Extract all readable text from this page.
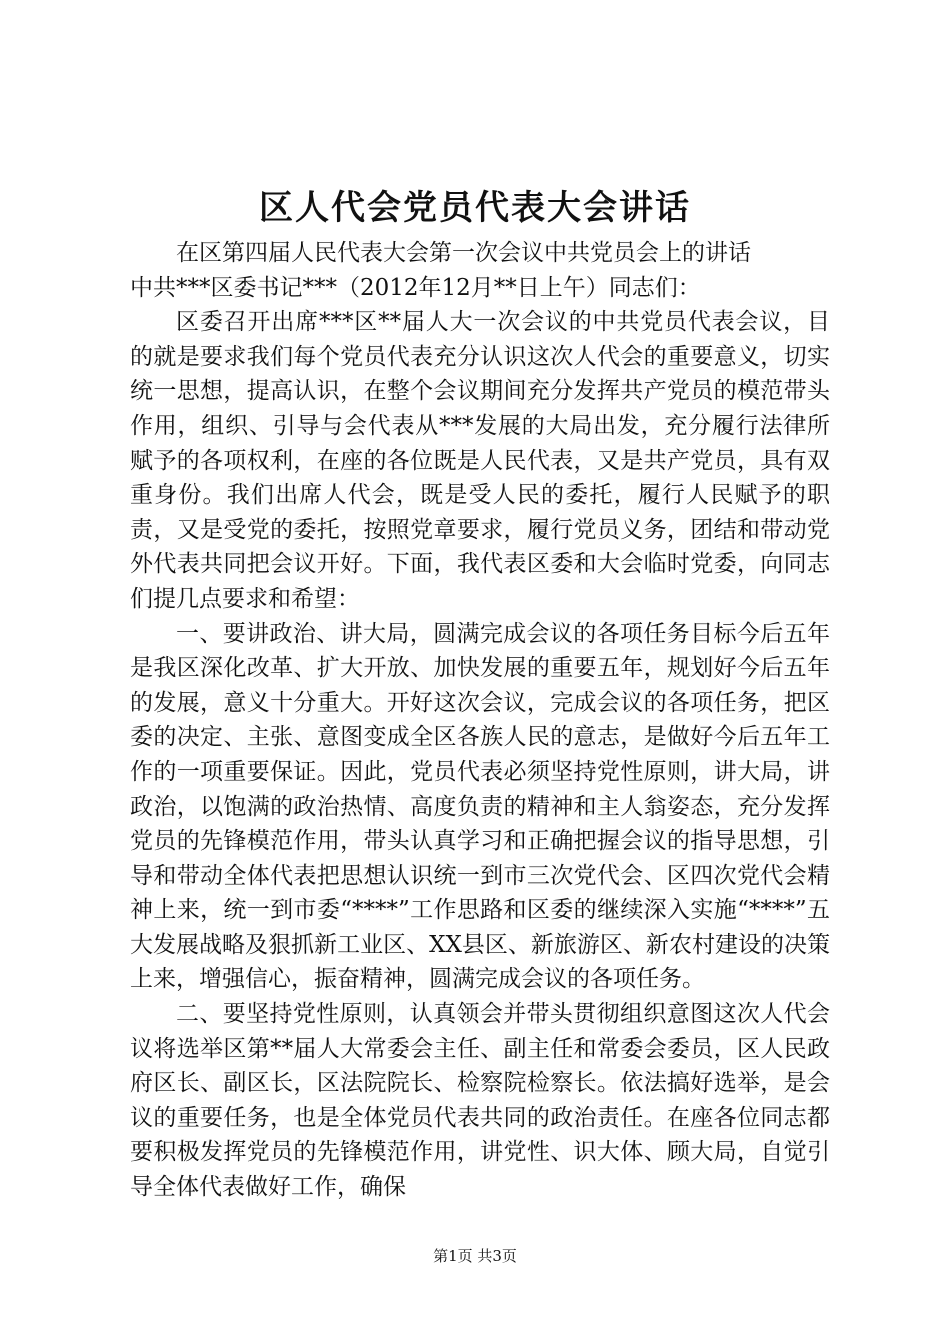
区人代会党员代表大会讲话

在区第四届人民代表大会第一次会议中共党员会上的讲话

中共***区委书记***（2012年12月**日上午）同志们：

区委召开出席***区**届人大一次会议的中共党员代表会议，目的就是要求我们每个党员代表充分认识这次人代会的重要意义，切实统一思想，提高认识，在整个会议期间充分发挥共产党员的模范带头作用，组织、引导与会代表从***发展的大局出发，充分履行法律所赋予的各项权利，在座的各位既是人民代表，又是共产党员，具有双重身份。我们出席人代会，既是受人民的委托，履行人民赋予的职责，又是受党的委托，按照党章要求，履行党员义务，团结和带动党外代表共同把会议开好。下面，我代表区委和大会临时党委，向同志们提几点要求和希望：

一、要讲政治、讲大局，圆满完成会议的各项任务目标今后五年是我区深化改革、扩大开放、加快发展的重要五年，规划好今后五年的发展，意义十分重大。开好这次会议，完成会议的各项任务，把区委的决定、主张、意图变成全区各族人民的意志，是做好今后五年工作的一项重要保证。因此，党员代表必须坚持党性原则，讲大局，讲政治，以饱满的政治热情、高度负责的精神和主人翁姿态，充分发挥党员的先锋模范作用，带头认真学习和正确把握会议的指导思想，引导和带动全体代表把思想认识统一到市三次党代会、区四次党代会精神上来，统一到市委“****”工作思路和区委的继续深入实施“****”五大发展战略及狠抓新工业区、XX县区、新旅游区、新农村建设的决策上来，增强信心，振奋精神，圆满完成会议的各项任务。

二、要坚持党性原则，认真领会并带头贯彻组织意图这次人代会议将选举区第**届人大常委会主任、副主任和常委会委员，区人民政府区长、副区长，区法院院长、检察院检察长。依法搞好选举，是会议的重要任务，也是全体党员代表共同的政治责任。在座各位同志都要积极发挥党员的先锋模范作用，讲党性、识大体、顾大局，自觉引导全体代表做好工作，确保

第1页 共3页
